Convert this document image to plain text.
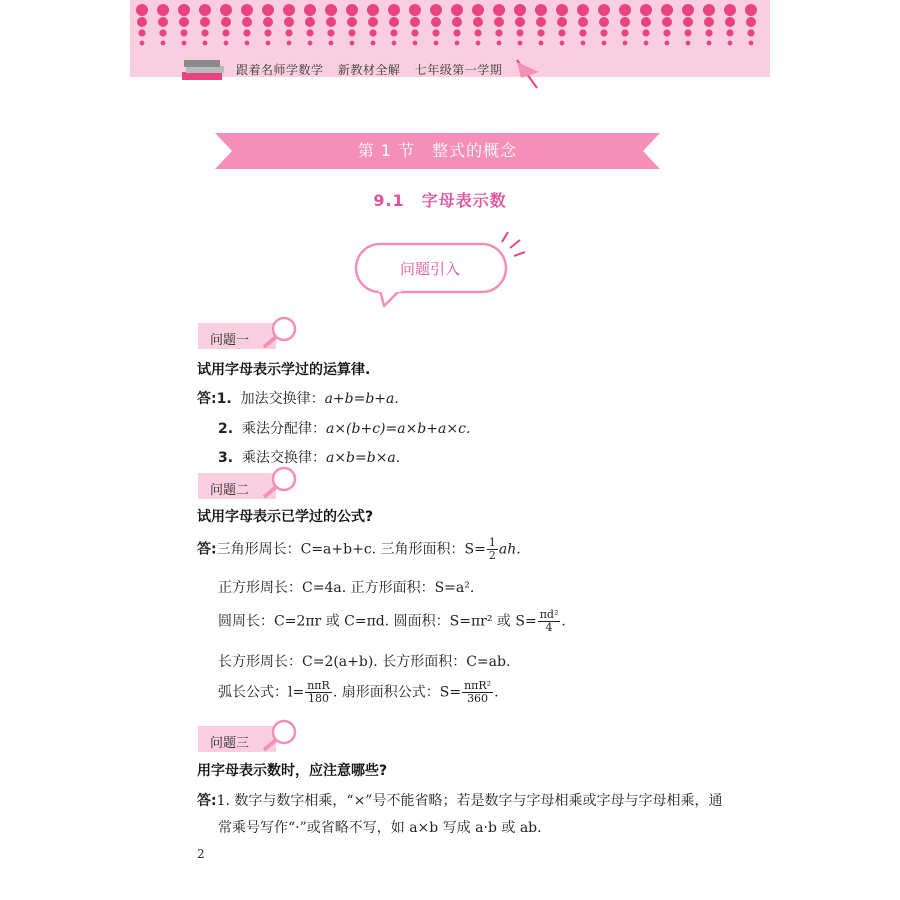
跟着名师学数学 新教材全解 七年级第一学期
第 1 节　整式的概念
9.1　字母表示数
问题引入
问题一
试用字母表示学过的运算律.
答:1. 加法交换律：a+b=b+a.
2. 乘法分配律：a×(b+c)=a×b+a×c.
3. 乘法交换律：a×b=b×a.
问题二
试用字母表示已学过的公式?
答:三角形周长：C=a+b+c. 三角形面积：$S= \frac{1}{2}$ ah.
正方形周长：C=4a. 正方形面积：S=a².
圆周长：C=2πr 或 C=πd. 圆面积：S=πr² 或 $S= \frac{\text{πd²}}{4}$ .
长方形周长：C=2(a+b). 长方形面积：C=ab.
弧长公式：$l= \frac{\text{nπR}}{180}$ . 扇形面积公式：$S= \frac{\text{nπR²}}{360}$ .
问题三
用字母表示数时，应注意哪些?
答:1. 数字与数字相乘，“×”号不能省略；若是数字与字母相乘或字母与字母相乘，通
常乘号写作“·”或省略不写，如 a×b 写成 a·b 或 ab.
2
